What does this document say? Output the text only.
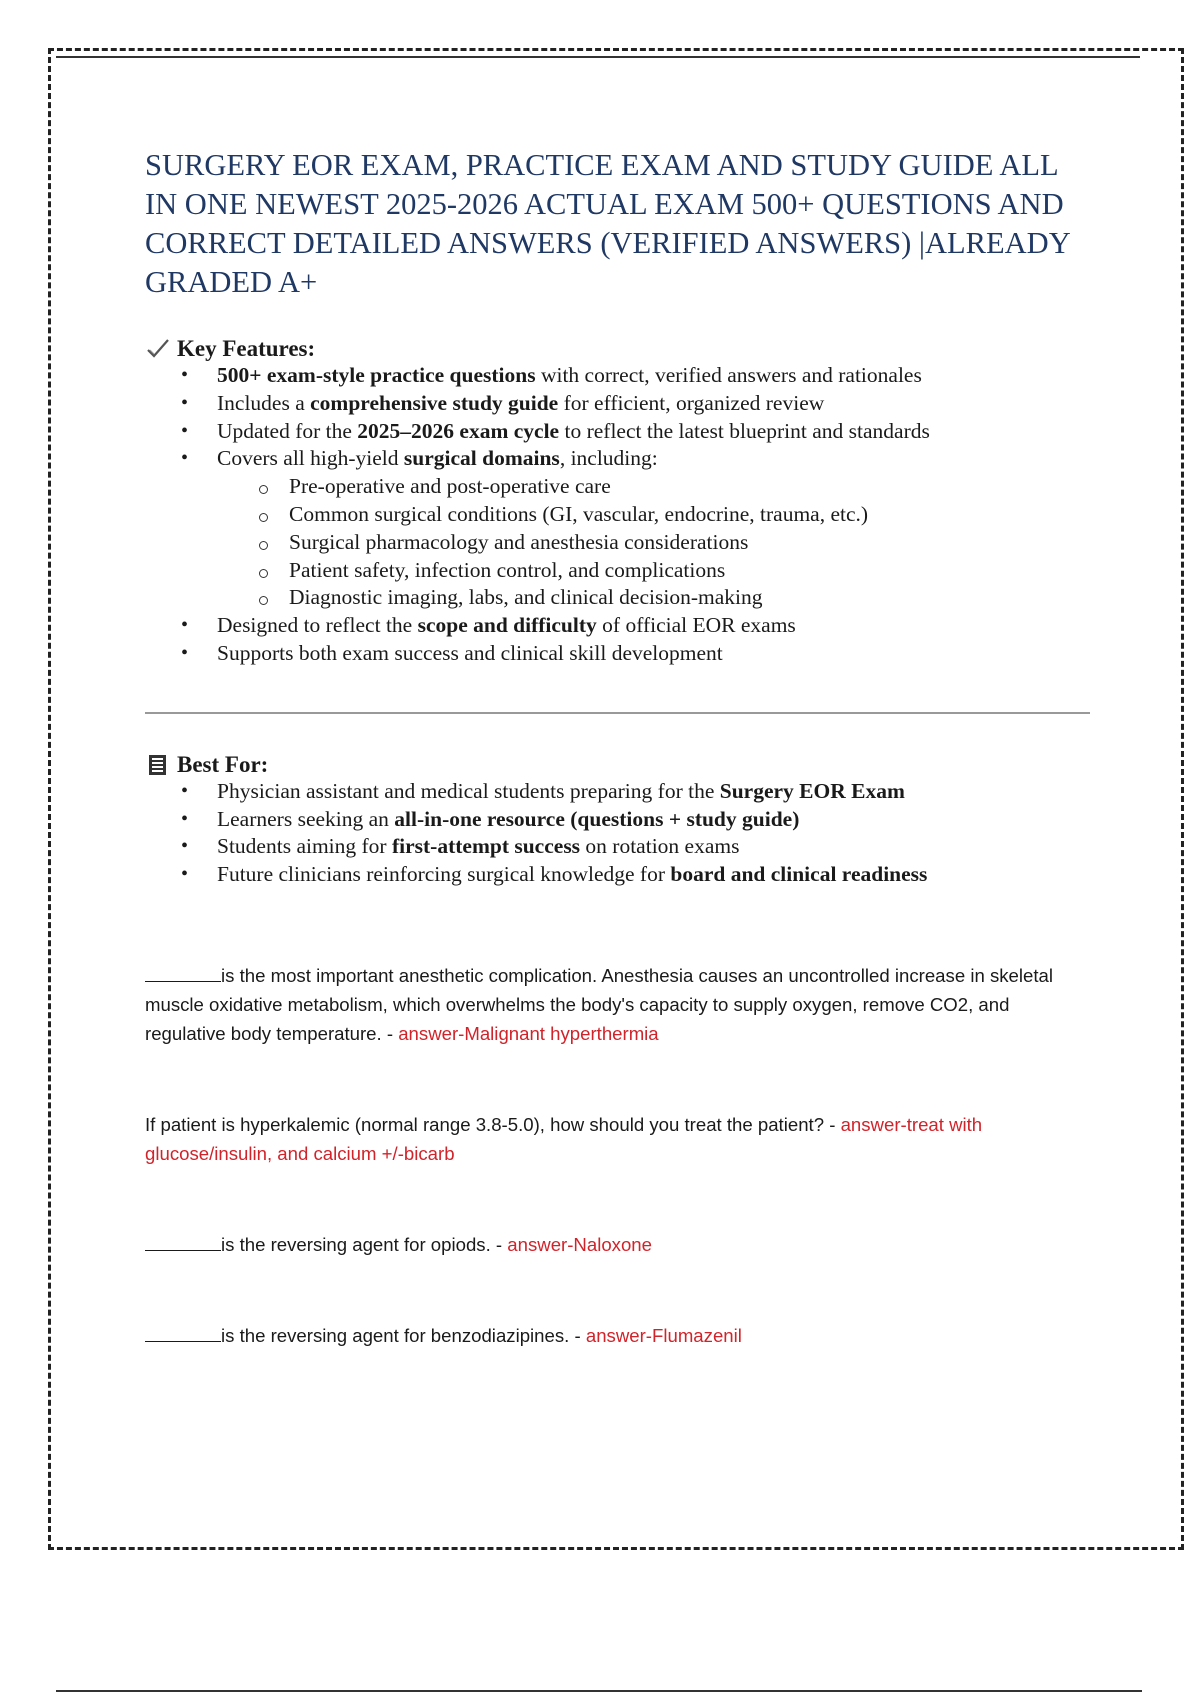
SURGERY EOR EXAM, PRACTICE EXAM AND STUDY GUIDE ALL IN ONE NEWEST 2025-2026 ACTUAL EXAM 500+ QUESTIONS AND CORRECT DETAILED ANSWERS (VERIFIED ANSWERS) |ALREADY GRADED A+
Key Features:
• 500+ exam-style practice questions with correct, verified answers and rationales
• Includes a comprehensive study guide for efficient, organized review
• Updated for the 2025–2026 exam cycle to reflect the latest blueprint and standards
• Covers all high-yield surgical domains, including:
Pre-operative and post-operative care
Common surgical conditions (GI, vascular, endocrine, trauma, etc.)
Surgical pharmacology and anesthesia considerations
Patient safety, infection control, and complications
Diagnostic imaging, labs, and clinical decision-making
• Designed to reflect the scope and difficulty of official EOR exams
• Supports both exam success and clinical skill development
Best For:
• Physician assistant and medical students preparing for the Surgery EOR Exam
• Learners seeking an all-in-one resource (questions + study guide)
• Students aiming for first-attempt success on rotation exams
• Future clinicians reinforcing surgical knowledge for board and clinical readiness

is the most important anesthetic complication. Anesthesia causes an uncontrolled increase in skeletal muscle oxidative metabolism, which overwhelms the body's capacity to supply oxygen, remove CO2, and regulative body temperature. - answer-Malignant hyperthermia

If patient is hyperkalemic (normal range 3.8-5.0), how should you treat the patient? - answer-treat with glucose/insulin, and calcium +/-bicarb

is the reversing agent for opiods. - answer-Naloxone

is the reversing agent for benzodiazipines. - answer-Flumazenil
